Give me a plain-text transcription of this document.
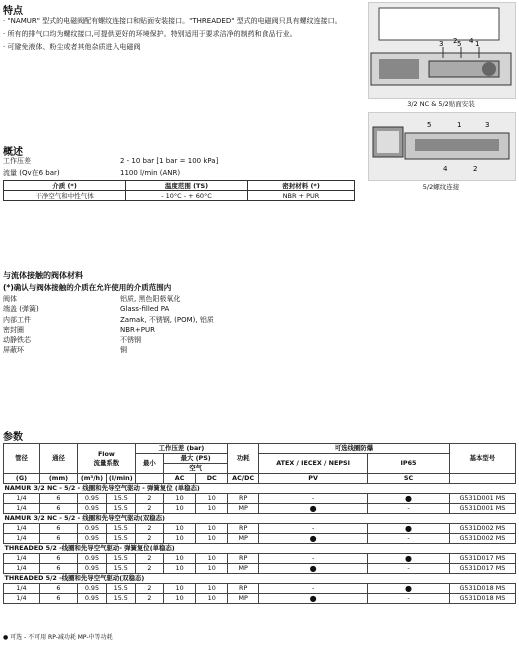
特点
· "NAMUR" 型式的电磁阀配有螺纹连接口和贴面安装接口。"THREADED" 型式的电磁阀只具有螺纹连接口。
· 所有的排气口均为螺纹接口,可提供更好的环境保护。特别适用于要求洁净的制药和食品行业。
· 可避免液体、粉尘或者其他杂质进入电磁阀	3 5 1
2 4
3/2 NC & 5/2贴面安装
5	1	3
4	2
5/2螺纹连接
概述
工作压差	2 - 10 bar [1 bar = 100 kPa]
流量 (Qv在6 bar)	1100 l/min (ANR)
介质 (*)	温度范围 (TS)	密封材料 (*)
干净空气和中性气体	- 10°C - + 60°C	NBR + PUR
与流体接触的阀体材料
(*)确认与阀体接触的介质在允许使用的介质范围内
阀体	铝质, 黑色阳极氧化
端盖 (弹簧)	Glass-filled PA
内部工件	Zamak, 不锈钢, (POM), 铝质
密封圈	NBR+PUR
动静铁芯	不锈钢
屏蔽环	铜
参数
管径	通径	Flow
流量系数		工作压差 (bar)			功耗	可选线圈防爆		基本型号
				最小	最大 (PS)			ATEX / IECEX / NEPSI	IP65	
					空气					
(G)	(mm)	(m³/h)	(l/min)		AC	DC	AC/DC	PV	SC	
NAMUR 3/2 NC - 5/2 - 线圈和先导空气驱动 - 弹簧复位 (单稳态)										
1/4	6	0.95	15.5	2	10	10	RP	-	●	G531D001 MS
1/4	6	0.95	15.5	2	10	10	MP	●	-	G531D001 MS
NAMUR 3/2 NC - 5/2 - 线圈和先导空气驱动(双稳态)										
1/4	6	0.95	15.5	2	10	10	RP	-	●	G531D002 MS
1/4	6	0.95	15.5	2	10	10	MP	●	-	G531D002 MS
THREADED 5/2 -线圈和先导空气驱动- 弹簧复位(单稳态)										
1/4	6	0.95	15.5	2	10	10	RP	-	●	G531D017 MS
1/4	6	0.95	15.5	2	10	10	MP	●	-	G531D017 MS
THREADED 5/2 -线圈和先导空气驱动(双稳态)										
1/4	6	0.95	15.5	2	10	10	RP	-	●	G531D018 MS
1/4	6	0.95	15.5	2	10	10	MP	●	-	G531D018 MS
● 可选 - 不可用 RP-减功耗 MP-中等功耗
